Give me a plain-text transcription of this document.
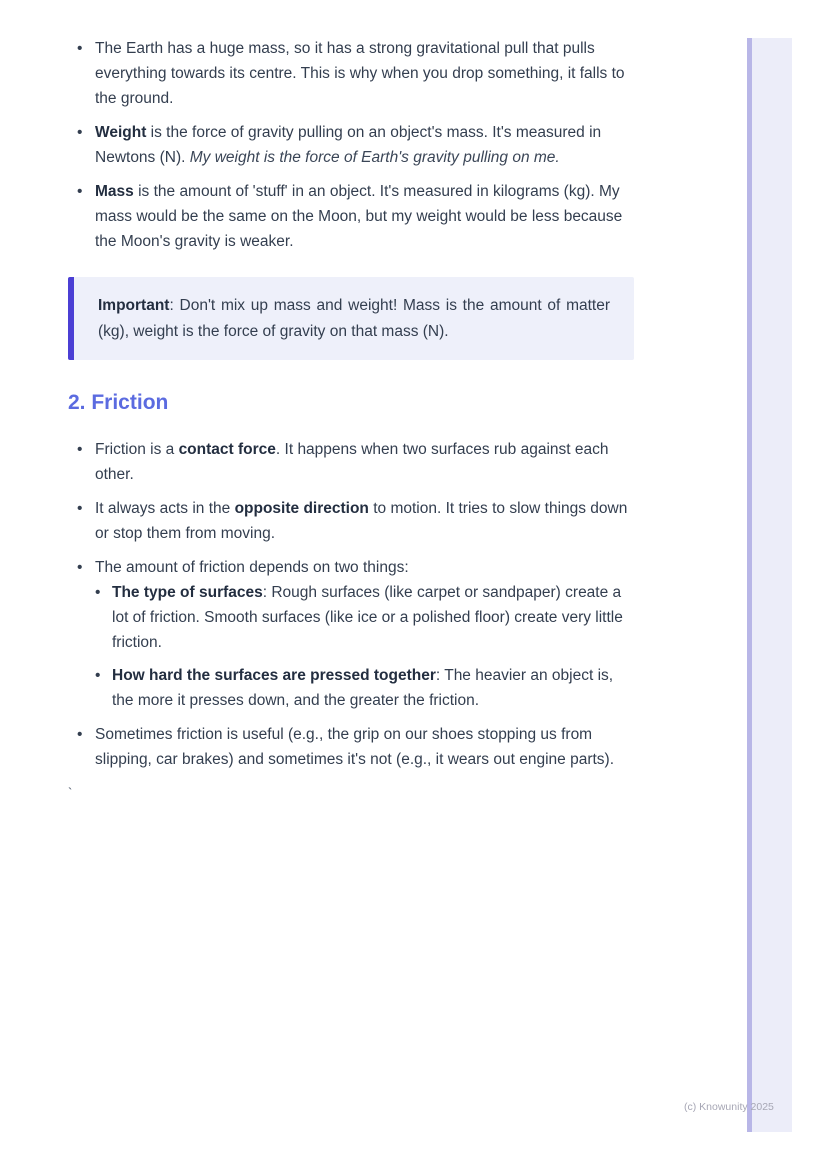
• The Earth has a huge mass, so it has a strong gravitational pull that pulls everything towards its centre. This is why when you drop something, it falls to the ground.
• Weight is the force of gravity pulling on an object's mass. It's measured in Newtons (N). My weight is the force of Earth's gravity pulling on me.
• Mass is the amount of 'stuff' in an object. It's measured in kilograms (kg). My mass would be the same on the Moon, but my weight would be less because the Moon's gravity is weaker.
Important: Don't mix up mass and weight! Mass is the amount of matter (kg), weight is the force of gravity on that mass (N).
2. Friction
• Friction is a contact force. It happens when two surfaces rub against each other.
• It always acts in the opposite direction to motion. It tries to slow things down or stop them from moving.
• The amount of friction depends on two things:
• The type of surfaces: Rough surfaces (like carpet or sandpaper) create a lot of friction. Smooth surfaces (like ice or a polished floor) create very little friction.
• How hard the surfaces are pressed together: The heavier an object is, the more it presses down, and the greater the friction.
• Sometimes friction is useful (e.g., the grip on our shoes stopping us from slipping, car brakes) and sometimes it's not (e.g., it wears out engine parts).
`
(c) Knowunity 2025
